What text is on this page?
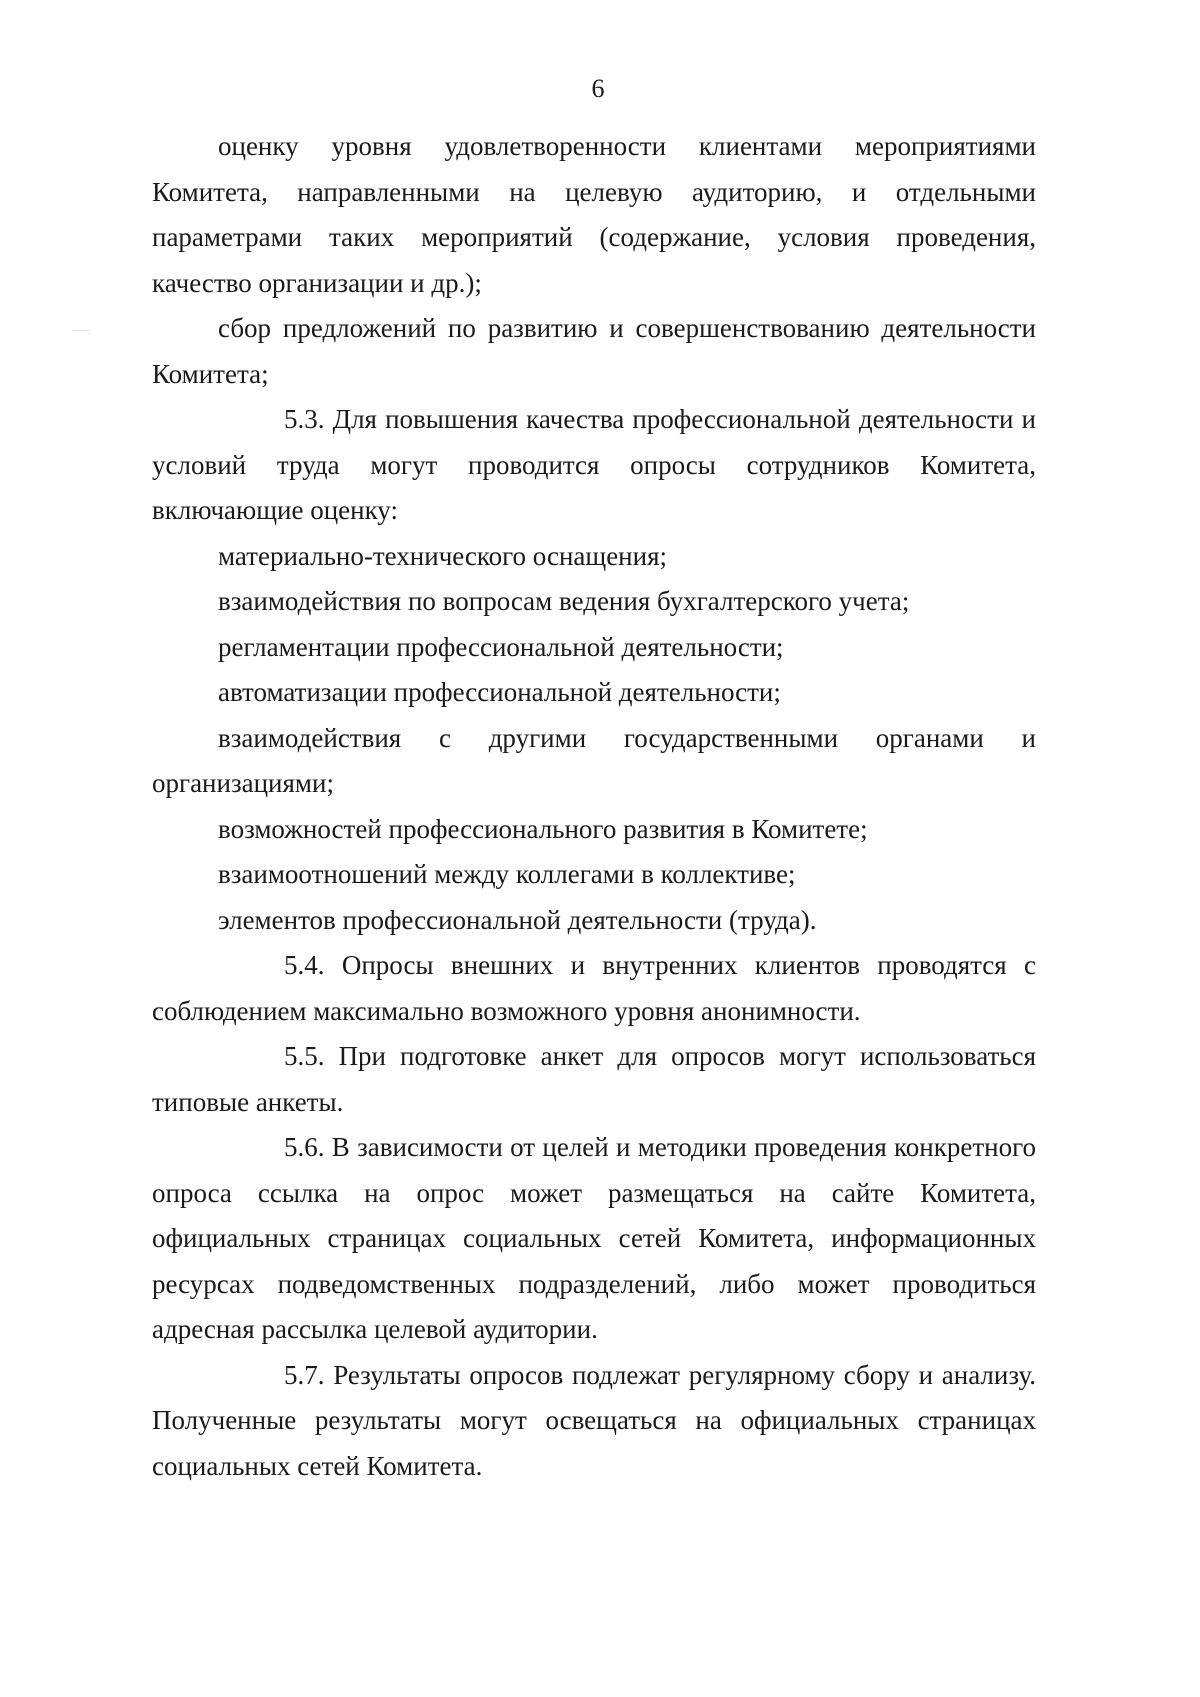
6

оценку уровня удовлетворенности клиентами мероприятиями Комитета, направленными на целевую аудиторию, и отдельными параметрами таких мероприятий (содержание, условия проведения, качество организации и др.);

сбор предложений по развитию и совершенствованию деятельности Комитета;

5.3. Для повышения качества профессиональной деятельности и условий труда могут проводится опросы сотрудников Комитета, включающие оценку:

материально-технического оснащения;

взаимодействия по вопросам ведения бухгалтерского учета;

регламентации профессиональной деятельности;

автоматизации профессиональной деятельности;

взаимодействия с другими государственными органами и организациями;

возможностей профессионального развития в Комитете;

взаимоотношений между коллегами в коллективе;

элементов профессиональной деятельности (труда).

5.4. Опросы внешних и внутренних клиентов проводятся с соблюдением максимально возможного уровня анонимности.

5.5. При подготовке анкет для опросов могут использоваться типовые анкеты.

5.6. В зависимости от целей и методики проведения конкретного опроса ссылка на опрос может размещаться на сайте Комитета, официальных страницах социальных сетей Комитета, информационных ресурсах подведомственных подразделений, либо может проводиться адресная рассылка целевой аудитории.

5.7. Результаты опросов подлежат регулярному сбору и анализу. Полученные результаты могут освещаться на официальных страницах социальных сетей Комитета.
